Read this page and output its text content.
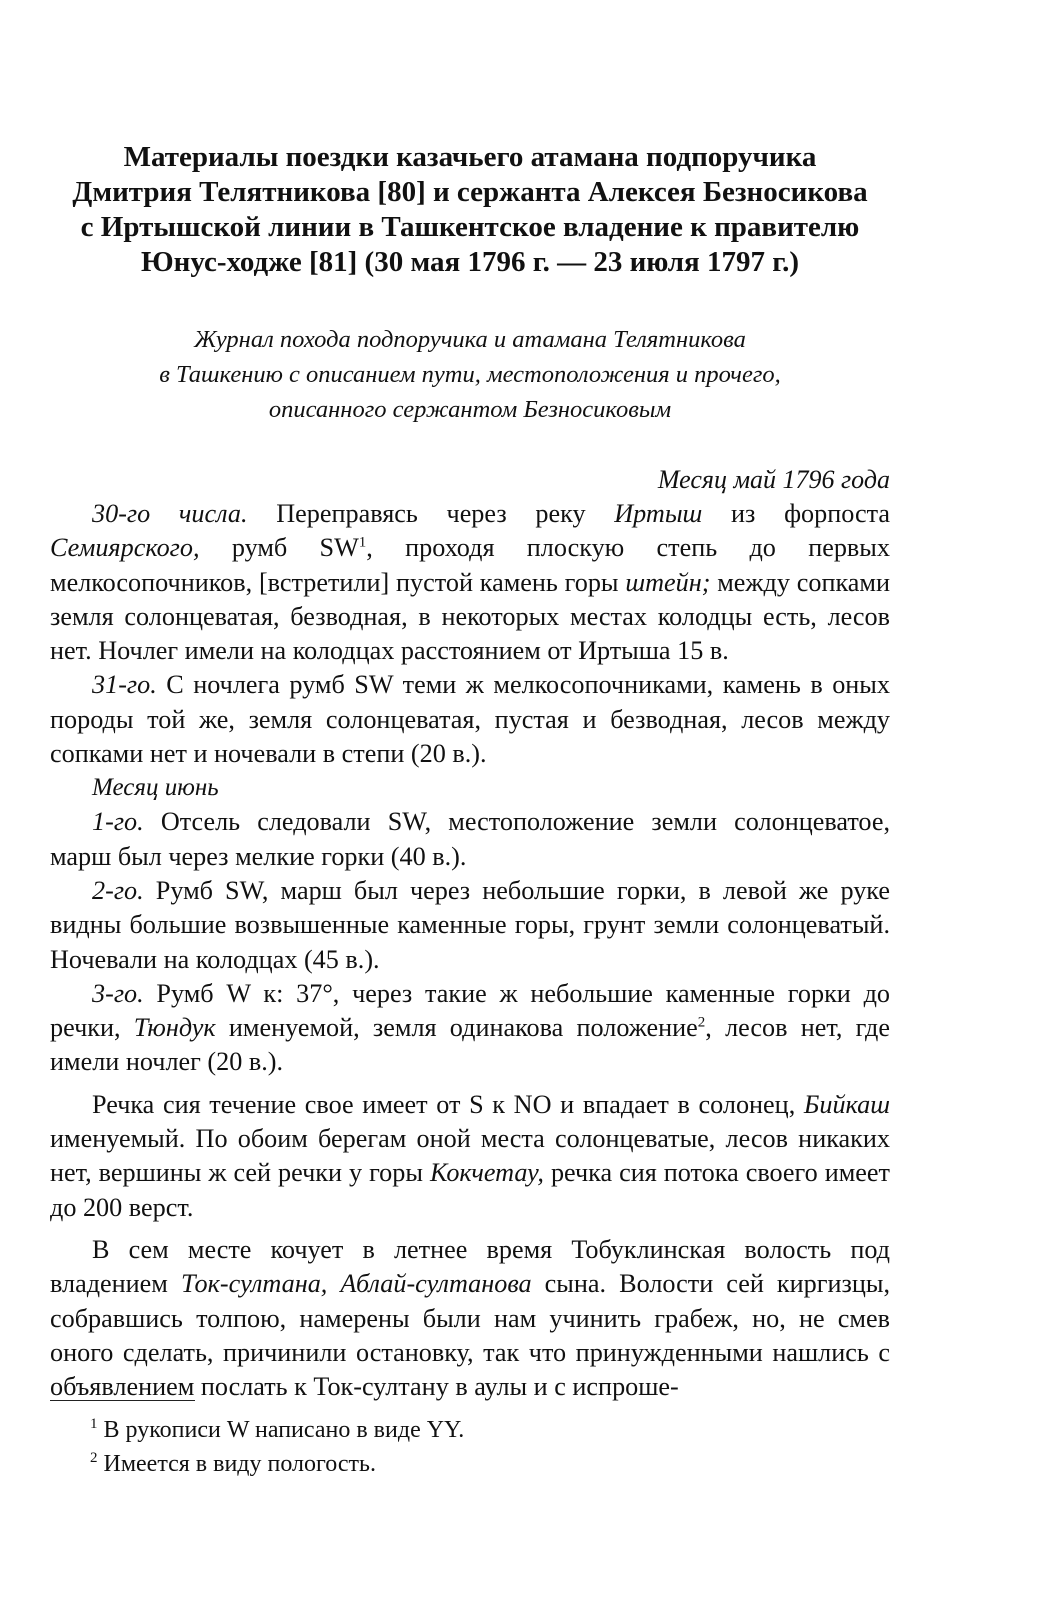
Материалы поездки казачьего атамана подпоручика
Дмитрия Телятникова [80] и сержанта Алексея Безносикова
с Иртышской линии в Ташкентское владение к правителю
Юнус-ходже [81] (30 мая 1796 г. — 23 июля 1797 г.)
Журнал похода подпоручика и атамана Телятникова
в Ташкению с описанием пути, местоположения и прочего,
описанного сержантом Безносиковым
Месяц май 1796 года

30-го числа. Переправясь через реку Иртыш из форпоста Семиярского, румб $SW^1$, проходя плоскую степь до первых мелкосопочников, [встретили] пустой камень горы штейн; между сопками земля солонцеватая, безводная, в некоторых местах колодцы есть, лесов нет. Ночлег имели на колодцах расстоянием от Иртыша 15 в.

31-го. С ночлега румб SW теми ж мелкосопочниками, камень в оных породы той же, земля солонцеватая, пустая и безводная, лесов между сопками нет и ночевали в степи (20 в.).

Месяц июнь

1-го. Отсель следовали SW, местоположение земли солонцеватое, марш был через мелкие горки (40 в.).

2-го. Румб SW, марш был через небольшие горки, в левой же руке видны большие возвышенные каменные горы, грунт земли солонцеватый. Ночевали на колодцах (45 в.).

3-го. Румб W к: 37°, через такие ж небольшие каменные горки до речки, Тюндук именуемой, земля одинакова положение$^2$, лесов нет, где имели ночлег (20 в.).

Речка сия течение свое имеет от S к NO и впадает в солонец, Бийкаш именуемый. По обоим берегам оной места солонцеватые, лесов никаких нет, вершины ж сей речки у горы Кокчетау, речка сия потока своего имеет до 200 верст.

В сем месте кочует в летнее время Тобуклинская волость под владением Ток-султана, Аблай-султанова сына. Волости сей киргизцы, собравшись толпою, намерены были нам учинить грабеж, но, не смев оного сделать, причинили остановку, так что принужденными нашлись с объявлением послать к Ток-султану в аулы и с испроше-

$^1$ В рукописи W написано в виде YY.
$^2$ Имеется в виду пологость.
